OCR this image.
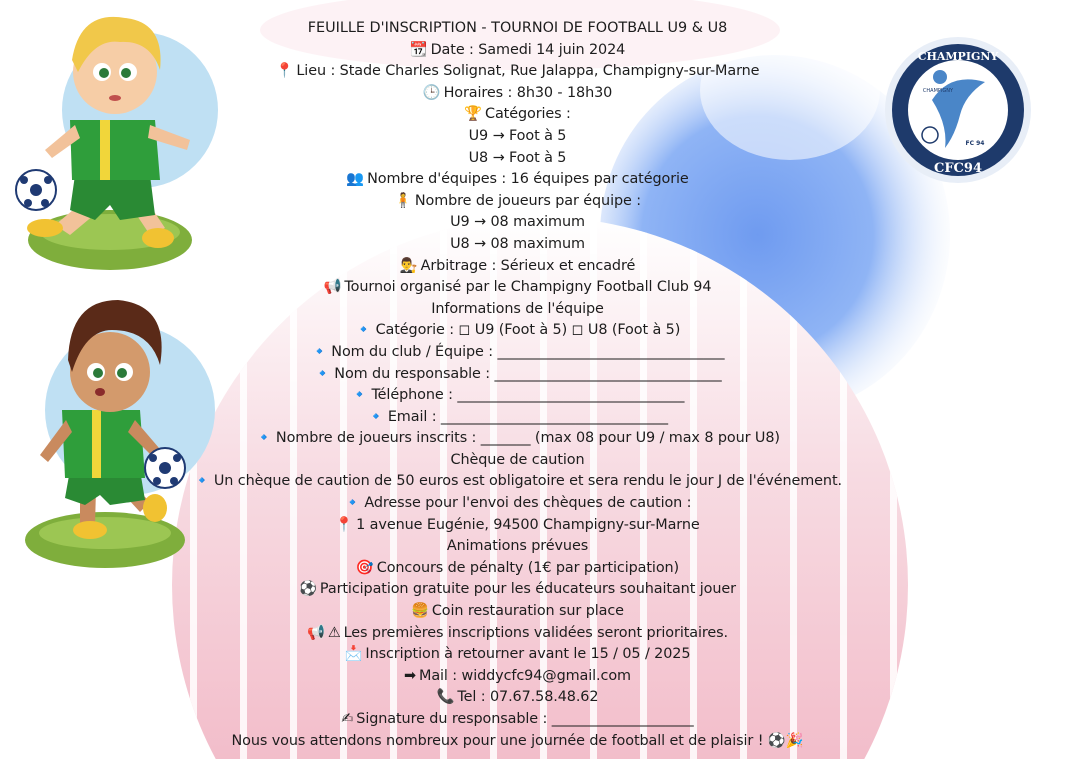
CHAMPIGNY
CFC94
CHAMPIGNY
FC 94
FEUILLE D'INSCRIPTION - TOURNOI DE FOOTBALL U9 & U8
📆 Date : Samedi 14 juin 2024
📍 Lieu : Stade Charles Solignat, Rue Jalappa, Champigny-sur-Marne
🕒 Horaires : 8h30 - 18h30
🏆 Catégories :
U9 → Foot à 5
U8 → Foot à 5
👥 Nombre d'équipes : 16 équipes par catégorie
🧍 Nombre de joueurs par équipe :
U9 → 08 maximum
U8 → 08 maximum
👨‍⚖️ Arbitrage : Sérieux et encadré
📢 Tournoi organisé par le Champigny Football Club 94
Informations de l'équipe
🔹 Catégorie : ◻ U9 (Foot à 5) ◻ U8 (Foot à 5)
🔹 Nom du club / Équipe : ________________________________
🔹 Nom du responsable : ________________________________
🔹 Téléphone : ________________________________
🔹 Email : ________________________________
🔹 Nombre de joueurs inscrits : _______ (max 08 pour U9 / max 8 pour U8)
Chèque de caution
🔹 Un chèque de caution de 50 euros est obligatoire et sera rendu le jour J de l'événement.
🔹 Adresse pour l'envoi des chèques de caution :
📍 1 avenue Eugénie, 94500 Champigny-sur-Marne
Animations prévues
🎯 Concours de pénalty (1€ par participation)
⚽ Participation gratuite pour les éducateurs souhaitant jouer
🍔 Coin restauration sur place
📢 ⚠ Les premières inscriptions validées seront prioritaires.
📩 Inscription à retourner avant le 15 / 05 / 2025
➡ Mail : widdycfc94@gmail.com
📞 Tel : 07.67.58.48.62
✍ Signature du responsable : ____________________
Nous vous attendons nombreux pour une journée de football et de plaisir ! ⚽🎉
